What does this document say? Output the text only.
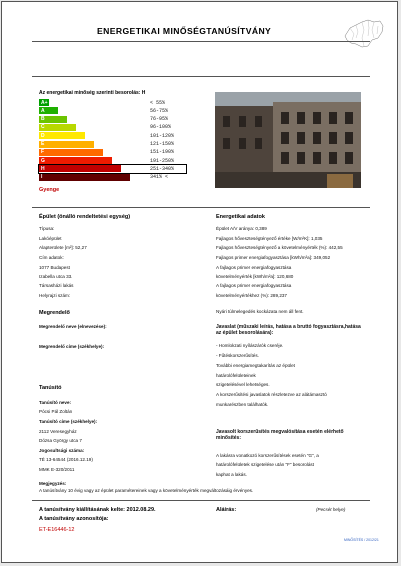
ENERGETIKAI MINŐSÉGTANÚSÍTVÁNY
Az energetikai minőség szerinti besorolás: H
A+	< 55%
A	56-75%
B	76-95%
C	96-100%
D	101-120%
E	121-150%
F	151-190%
G	191-250%
H	251-340%
I	341% <
Gyenge
Épület (önálló rendeltetési egység)
Típusa:
Lakóépület
Alapterülete [m²]: 52,27
Cím adatok:
1077 Budapest
Izabella utca 33.
Társasházi lakás
Helyrajzi szám:
Energetikai adatok
Épület A/V aránya: 0,389
Fajlagos hőveszteségtényező értéke [W/m²K]: 1,035
Fajlagos hőveszteségtényező a követelményérték (%): 442,55
Fajlagos primer energiafogyasztása [kWh/m²a]: 349,052
A fajlagos primer energiafogyasztása
követelményérték [kWh/m²a]: 120,680
A fajlagos primer energiafogyasztása
követelményértékhez (%): 289,237
Megrendelő
Megrendelő neve (elnevezése):
Megrendelő címe (székhelye):
Nyári túlmelegedés kockázata nem áll fent.
Javaslat (műszaki leírás, hatása a bruttó fogyasztásra,hatása az épület besorolására):
- Homlokzati nyílászárók cseréje.
- Fűtéskorszerűsítés.
További energiamegtakarítás az épület
határolófelületeinek
szigetelésével lehetséges.
A korszerűsítési javaslatok részletezve az alátámasztó
munkarészben találhatók.
Tanúsító
Tanúsító neve:
Pócsi Pál Zoltán
Tanúsító címe (székhelye):
2112 Veresegyház
Dózsa György utca 7
Jogosultsági száma:
TÉ 13-64544 (2016.12.19)
MMK E-320/2011
Javasolt korszerűsítés megvalósítása esetén elérhető minősítés:
A lakásra vonatkozó korszerűsítések esetén "G", a
határolófelületek szigetelése után "F" besorolást
kaphat a lakás.
Megjegyzés:
A tanúsítvány 10 évig vagy az épület paramétereinek vagy a követelményérték megváltozásáig érvényes.
A tanúsítvány kiállításának kelte: 2012.08.29.
A tanúsítvány azonosítója:
ET-E16446-12
Aláírás:	(Pecsét helye)
MINŐSÍTÉS / 2012/21
